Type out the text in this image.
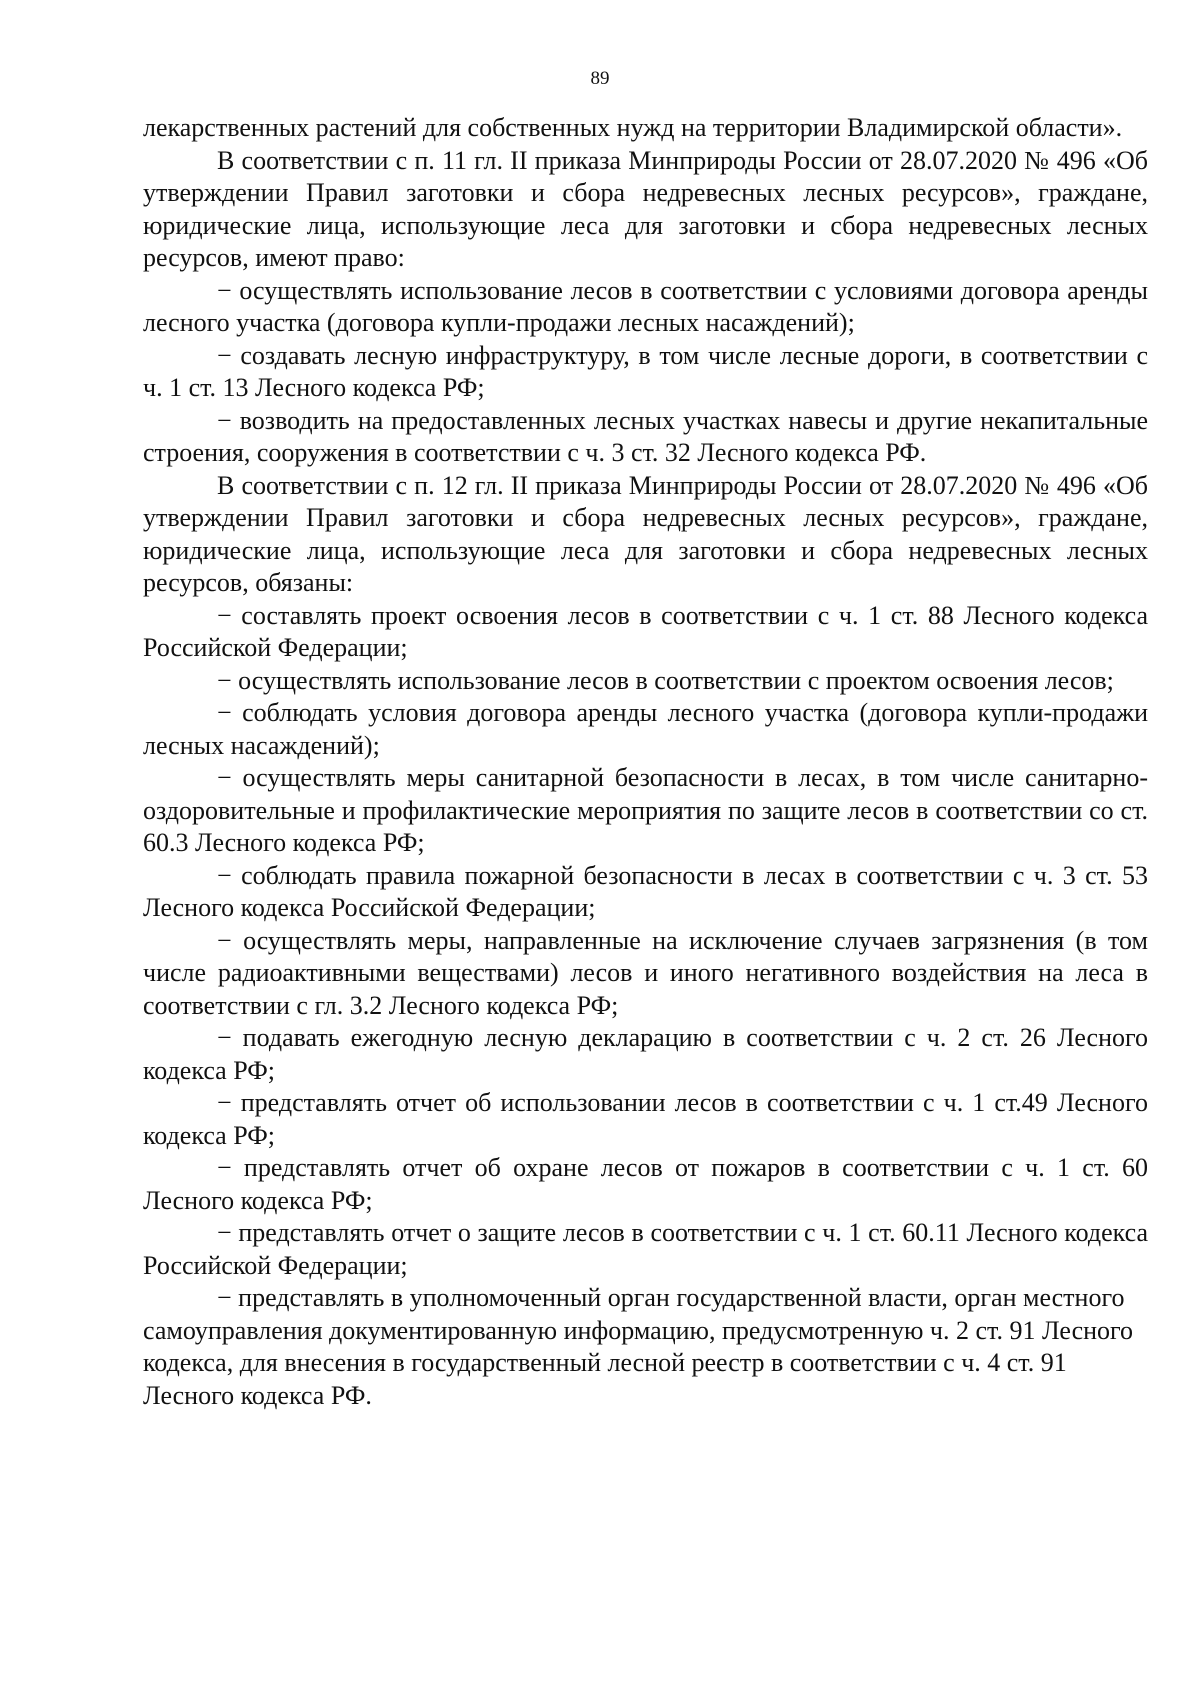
89

лекарственных растений для собственных нужд на территории Владимирской области».

В соответствии с п. 11 гл. II приказа Минприроды России от 28.07.2020 № 496 «Об утверждении Правил заготовки и сбора недревесных лесных ресурсов», граждане, юридические лица, использующие леса для заготовки и сбора недревесных лесных ресурсов, имеют право:

− осуществлять использование лесов в соответствии с условиями договора аренды лесного участка (договора купли-продажи лесных насаждений);

− создавать лесную инфраструктуру, в том числе лесные дороги, в соответствии с ч. 1 ст. 13 Лесного кодекса РФ;

− возводить на предоставленных лесных участках навесы и другие некапитальные строения, сооружения в соответствии с ч. 3 ст. 32 Лесного кодекса РФ.

В соответствии с п. 12 гл. II приказа Минприроды России от 28.07.2020 № 496 «Об утверждении Правил заготовки и сбора недревесных лесных ресурсов», граждане, юридические лица, использующие леса для заготовки и сбора недревесных лесных ресурсов, обязаны:

− составлять проект освоения лесов в соответствии с ч. 1 ст. 88 Лесного кодекса Российской Федерации;

− осуществлять использование лесов в соответствии с проектом освоения лесов;

− соблюдать условия договора аренды лесного участка (договора купли-продажи лесных насаждений);

− осуществлять меры санитарной безопасности в лесах, в том числе санитарно-оздоровительные и профилактические мероприятия по защите лесов в соответствии со ст. 60.3 Лесного кодекса РФ;

− соблюдать правила пожарной безопасности в лесах в соответствии с ч. 3 ст. 53 Лесного кодекса Российской Федерации;

− осуществлять меры, направленные на исключение случаев загрязнения (в том числе радиоактивными веществами) лесов и иного негативного воздействия на леса в соответствии с гл. 3.2 Лесного кодекса РФ;

− подавать ежегодную лесную декларацию в соответствии с ч. 2 ст. 26 Лесного кодекса РФ;

− представлять отчет об использовании лесов в соответствии с ч. 1 ст.49 Лесного кодекса РФ;

− представлять отчет об охране лесов от пожаров в соответствии с ч. 1 ст. 60 Лесного кодекса РФ;

− представлять отчет о защите лесов в соответствии с ч. 1 ст. 60.11 Лесного кодекса Российской Федерации;

− представлять в уполномоченный орган государственной власти, орган местного самоуправления документированную информацию, предусмотренную ч. 2 ст. 91 Лесного кодекса, для внесения в государственный лесной реестр в соответствии с ч. 4 ст. 91 Лесного кодекса РФ.
